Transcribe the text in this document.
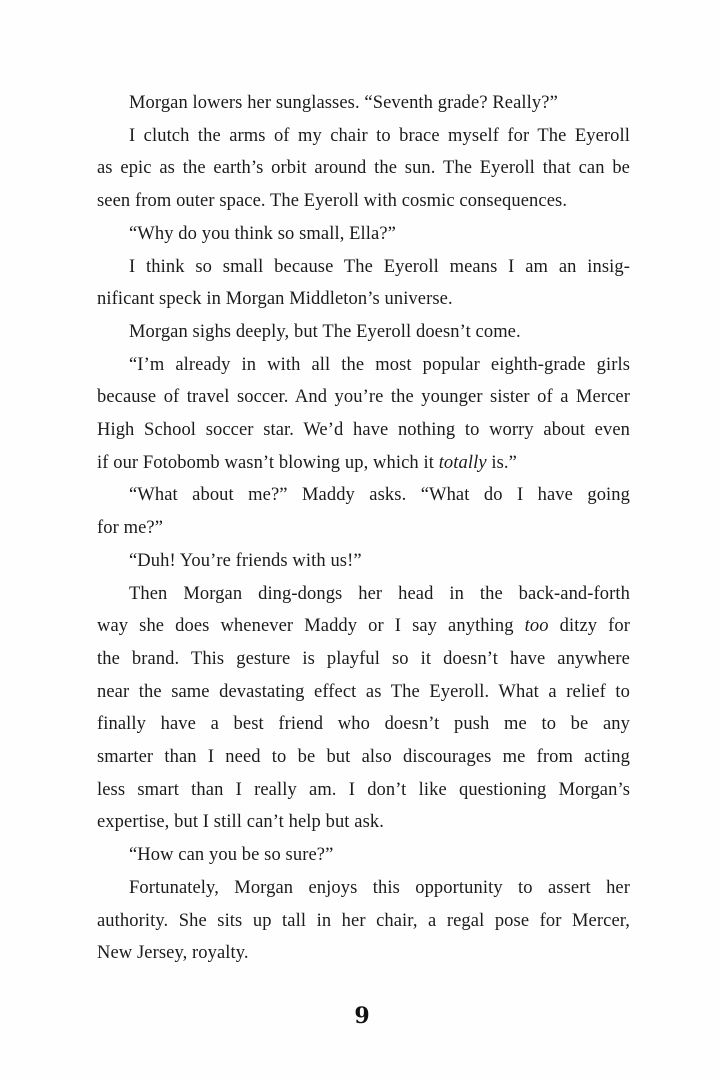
Morgan lowers her sunglasses. “Seventh grade? Really?”
I clutch the arms of my chair to brace myself for The Eyeroll
as epic as the earth’s orbit around the sun. The Eyeroll that can be
seen from outer space. The Eyeroll with cosmic consequences.
“Why do you think so small, Ella?”
I think so small because The Eyeroll means I am an insig-
nificant speck in Morgan Middleton’s universe.
Morgan sighs deeply, but The Eyeroll doesn’t come.
“I’m already in with all the most popular eighth-grade girls
because of travel soccer. And you’re the younger sister of a Mercer
High School soccer star. We’d have nothing to worry about even
if our Fotobomb wasn’t blowing up, which it totally is.”
“What about me?” Maddy asks. “What do I have going
for me?”
“Duh! You’re friends with us!”
Then Morgan ding-dongs her head in the back-and-forth
way she does whenever Maddy or I say anything too ditzy for
the brand. This gesture is playful so it doesn’t have anywhere
near the same devastating effect as The Eyeroll. What a relief to
finally have a best friend who doesn’t push me to be any
smarter than I need to be but also discourages me from acting
less smart than I really am. I don’t like questioning Morgan’s
expertise, but I still can’t help but ask.
“How can you be so sure?”
Fortunately, Morgan enjoys this opportunity to assert her
authority. She sits up tall in her chair, a regal pose for Mercer,
New Jersey, royalty.
9
